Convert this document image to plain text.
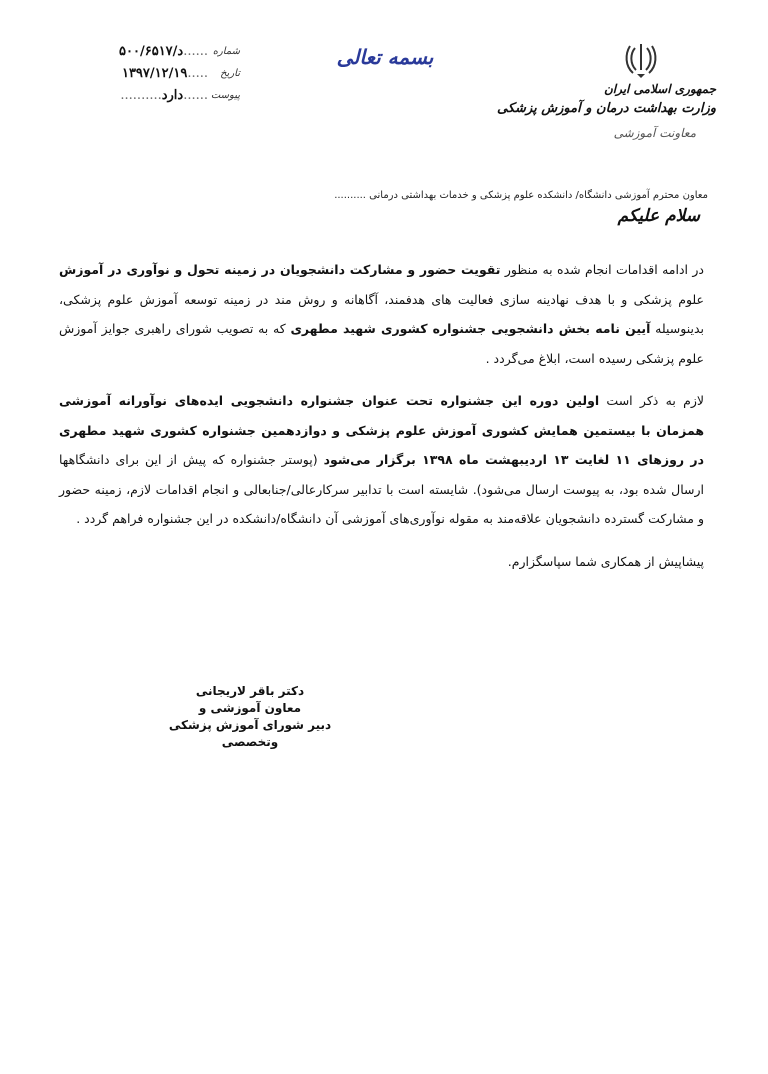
جمهوری اسلامی ایران
وزارت بهداشت درمان و آموزش پزشکی
معاونت آموزشی
بسمه تعالی
د/۵۰۰/۶۵۱۷...... شماره
۱۳۹۷/۱۲/۱۹..... تاریخ
..........دارد...... پیوست
معاون محترم آموزشی دانشگاه/ دانشکده علوم پزشکی و خدمات بهداشتی درمانی ..........
سلام علیکم

در ادامه اقدامات انجام شده به منظور تقویت حضور و مشارکت دانشجویان در زمینه تحول و نوآوری در آموزش علوم پزشکی و با هدف نهادینه سازی فعالیت های هدفمند، آگاهانه و روش مند در زمینه توسعه آموزش علوم پزشکی، بدینوسیله آیین نامه بخش دانشجویی جشنواره کشوری شهید مطهری که به تصویب شورای راهبری جوایز آموزش علوم پزشکی رسیده است، ابلاغ می‌گردد .

لازم به ذکر است اولین دوره این جشنواره تحت عنوان جشنواره دانشجویی ایده‌های نوآورانه آموزشی همزمان با بیستمین همایش کشوری آموزش علوم پزشکی و دوازدهمین جشنواره کشوری شهید مطهری در روزهای ۱۱ لغایت ۱۳ اردیبهشت ماه ۱۳۹۸ برگزار می‌شود (پوستر جشنواره که پیش از این برای دانشگاهها ارسال شده بود، به پیوست ارسال می‌شود). شایسته است با تدابیر سرکارعالی/جنابعالی و انجام اقدامات لازم، زمینه حضور و مشارکت گسترده دانشجویان علاقه‌مند به مقوله نوآوری‌های آموزشی آن دانشگاه/دانشکده در این جشنواره فراهم گردد .

پیشاپیش از همکاری شما سپاسگزارم.

دکتر باقر لاریجانی
معاون آموزشی و
دبیر شورای آموزش پزشکی وتخصصی
